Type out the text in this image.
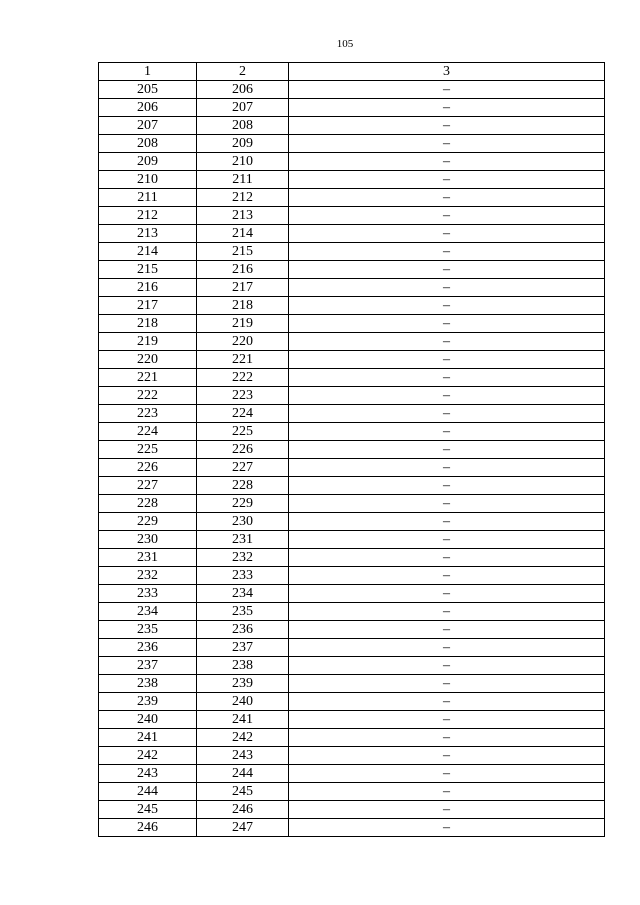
105
1	2	3
205	206	–
206	207	–
207	208	–
208	209	–
209	210	–
210	211	–
211	212	–
212	213	–
213	214	–
214	215	–
215	216	–
216	217	–
217	218	–
218	219	–
219	220	–
220	221	–
221	222	–
222	223	–
223	224	–
224	225	–
225	226	–
226	227	–
227	228	–
228	229	–
229	230	–
230	231	–
231	232	–
232	233	–
233	234	–
234	235	–
235	236	–
236	237	–
237	238	–
238	239	–
239	240	–
240	241	–
241	242	–
242	243	–
243	244	–
244	245	–
245	246	–
246	247	–
